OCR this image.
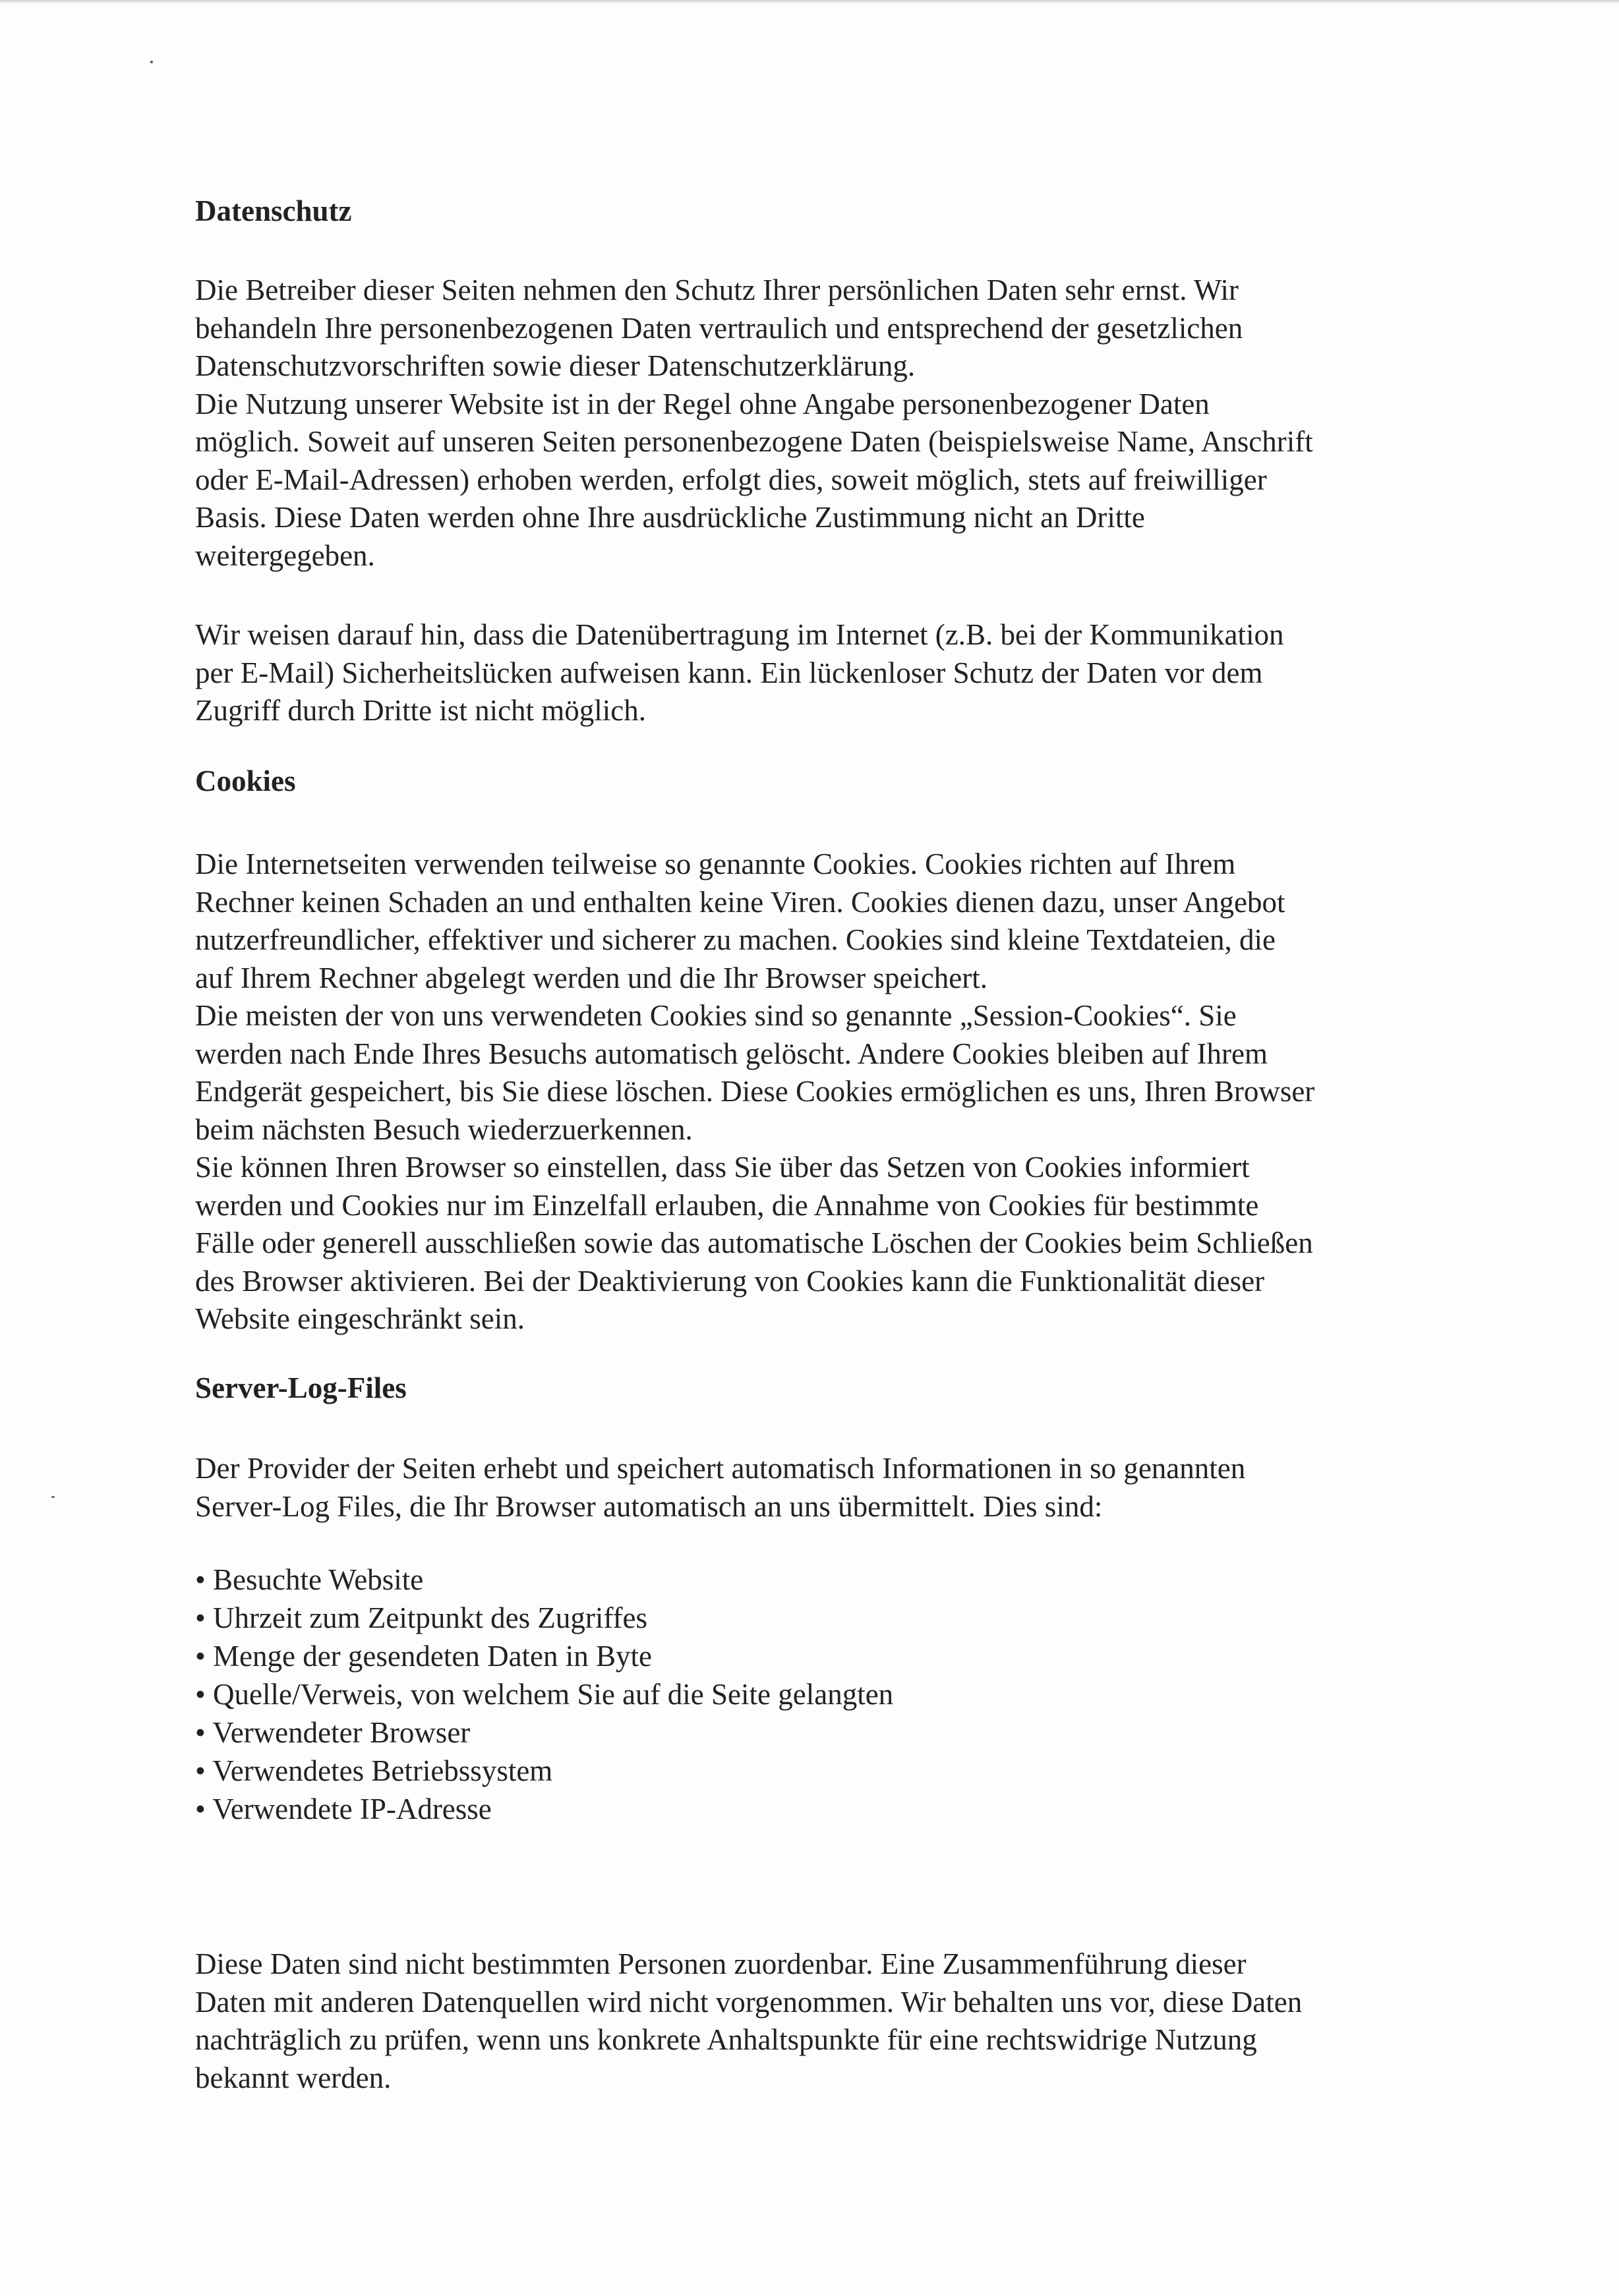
Datenschutz
Die Betreiber dieser Seiten nehmen den Schutz Ihrer persönlichen Daten sehr ernst. Wir
behandeln Ihre personenbezogenen Daten vertraulich und entsprechend der gesetzlichen
Datenschutzvorschriften sowie dieser Datenschutzerklärung.
Die Nutzung unserer Website ist in der Regel ohne Angabe personenbezogener Daten
möglich. Soweit auf unseren Seiten personenbezogene Daten (beispielsweise Name, Anschrift
oder E-Mail-Adressen) erhoben werden, erfolgt dies, soweit möglich, stets auf freiwilliger
Basis. Diese Daten werden ohne Ihre ausdrückliche Zustimmung nicht an Dritte
weitergegeben.
Wir weisen darauf hin, dass die Datenübertragung im Internet (z.B. bei der Kommunikation
per E-Mail) Sicherheitslücken aufweisen kann. Ein lückenloser Schutz der Daten vor dem
Zugriff durch Dritte ist nicht möglich.
Cookies
Die Internetseiten verwenden teilweise so genannte Cookies. Cookies richten auf Ihrem
Rechner keinen Schaden an und enthalten keine Viren. Cookies dienen dazu, unser Angebot
nutzerfreundlicher, effektiver und sicherer zu machen. Cookies sind kleine Textdateien, die
auf Ihrem Rechner abgelegt werden und die Ihr Browser speichert.
Die meisten der von uns verwendeten Cookies sind so genannte „Session-Cookies“. Sie
werden nach Ende Ihres Besuchs automatisch gelöscht. Andere Cookies bleiben auf Ihrem
Endgerät gespeichert, bis Sie diese löschen. Diese Cookies ermöglichen es uns, Ihren Browser
beim nächsten Besuch wiederzuerkennen.
Sie können Ihren Browser so einstellen, dass Sie über das Setzen von Cookies informiert
werden und Cookies nur im Einzelfall erlauben, die Annahme von Cookies für bestimmte
Fälle oder generell ausschließen sowie das automatische Löschen der Cookies beim Schließen
des Browser aktivieren. Bei der Deaktivierung von Cookies kann die Funktionalität dieser
Website eingeschränkt sein.
Server-Log-Files
Der Provider der Seiten erhebt und speichert automatisch Informationen in so genannten
Server-Log Files, die Ihr Browser automatisch an uns übermittelt. Dies sind:
• Besuchte Website
• Uhrzeit zum Zeitpunkt des Zugriffes
• Menge der gesendeten Daten in Byte
• Quelle/Verweis, von welchem Sie auf die Seite gelangten
• Verwendeter Browser
• Verwendetes Betriebssystem
• Verwendete IP-Adresse
Diese Daten sind nicht bestimmten Personen zuordenbar. Eine Zusammenführung dieser
Daten mit anderen Datenquellen wird nicht vorgenommen. Wir behalten uns vor, diese Daten
nachträglich zu prüfen, wenn uns konkrete Anhaltspunkte für eine rechtswidrige Nutzung
bekannt werden.
